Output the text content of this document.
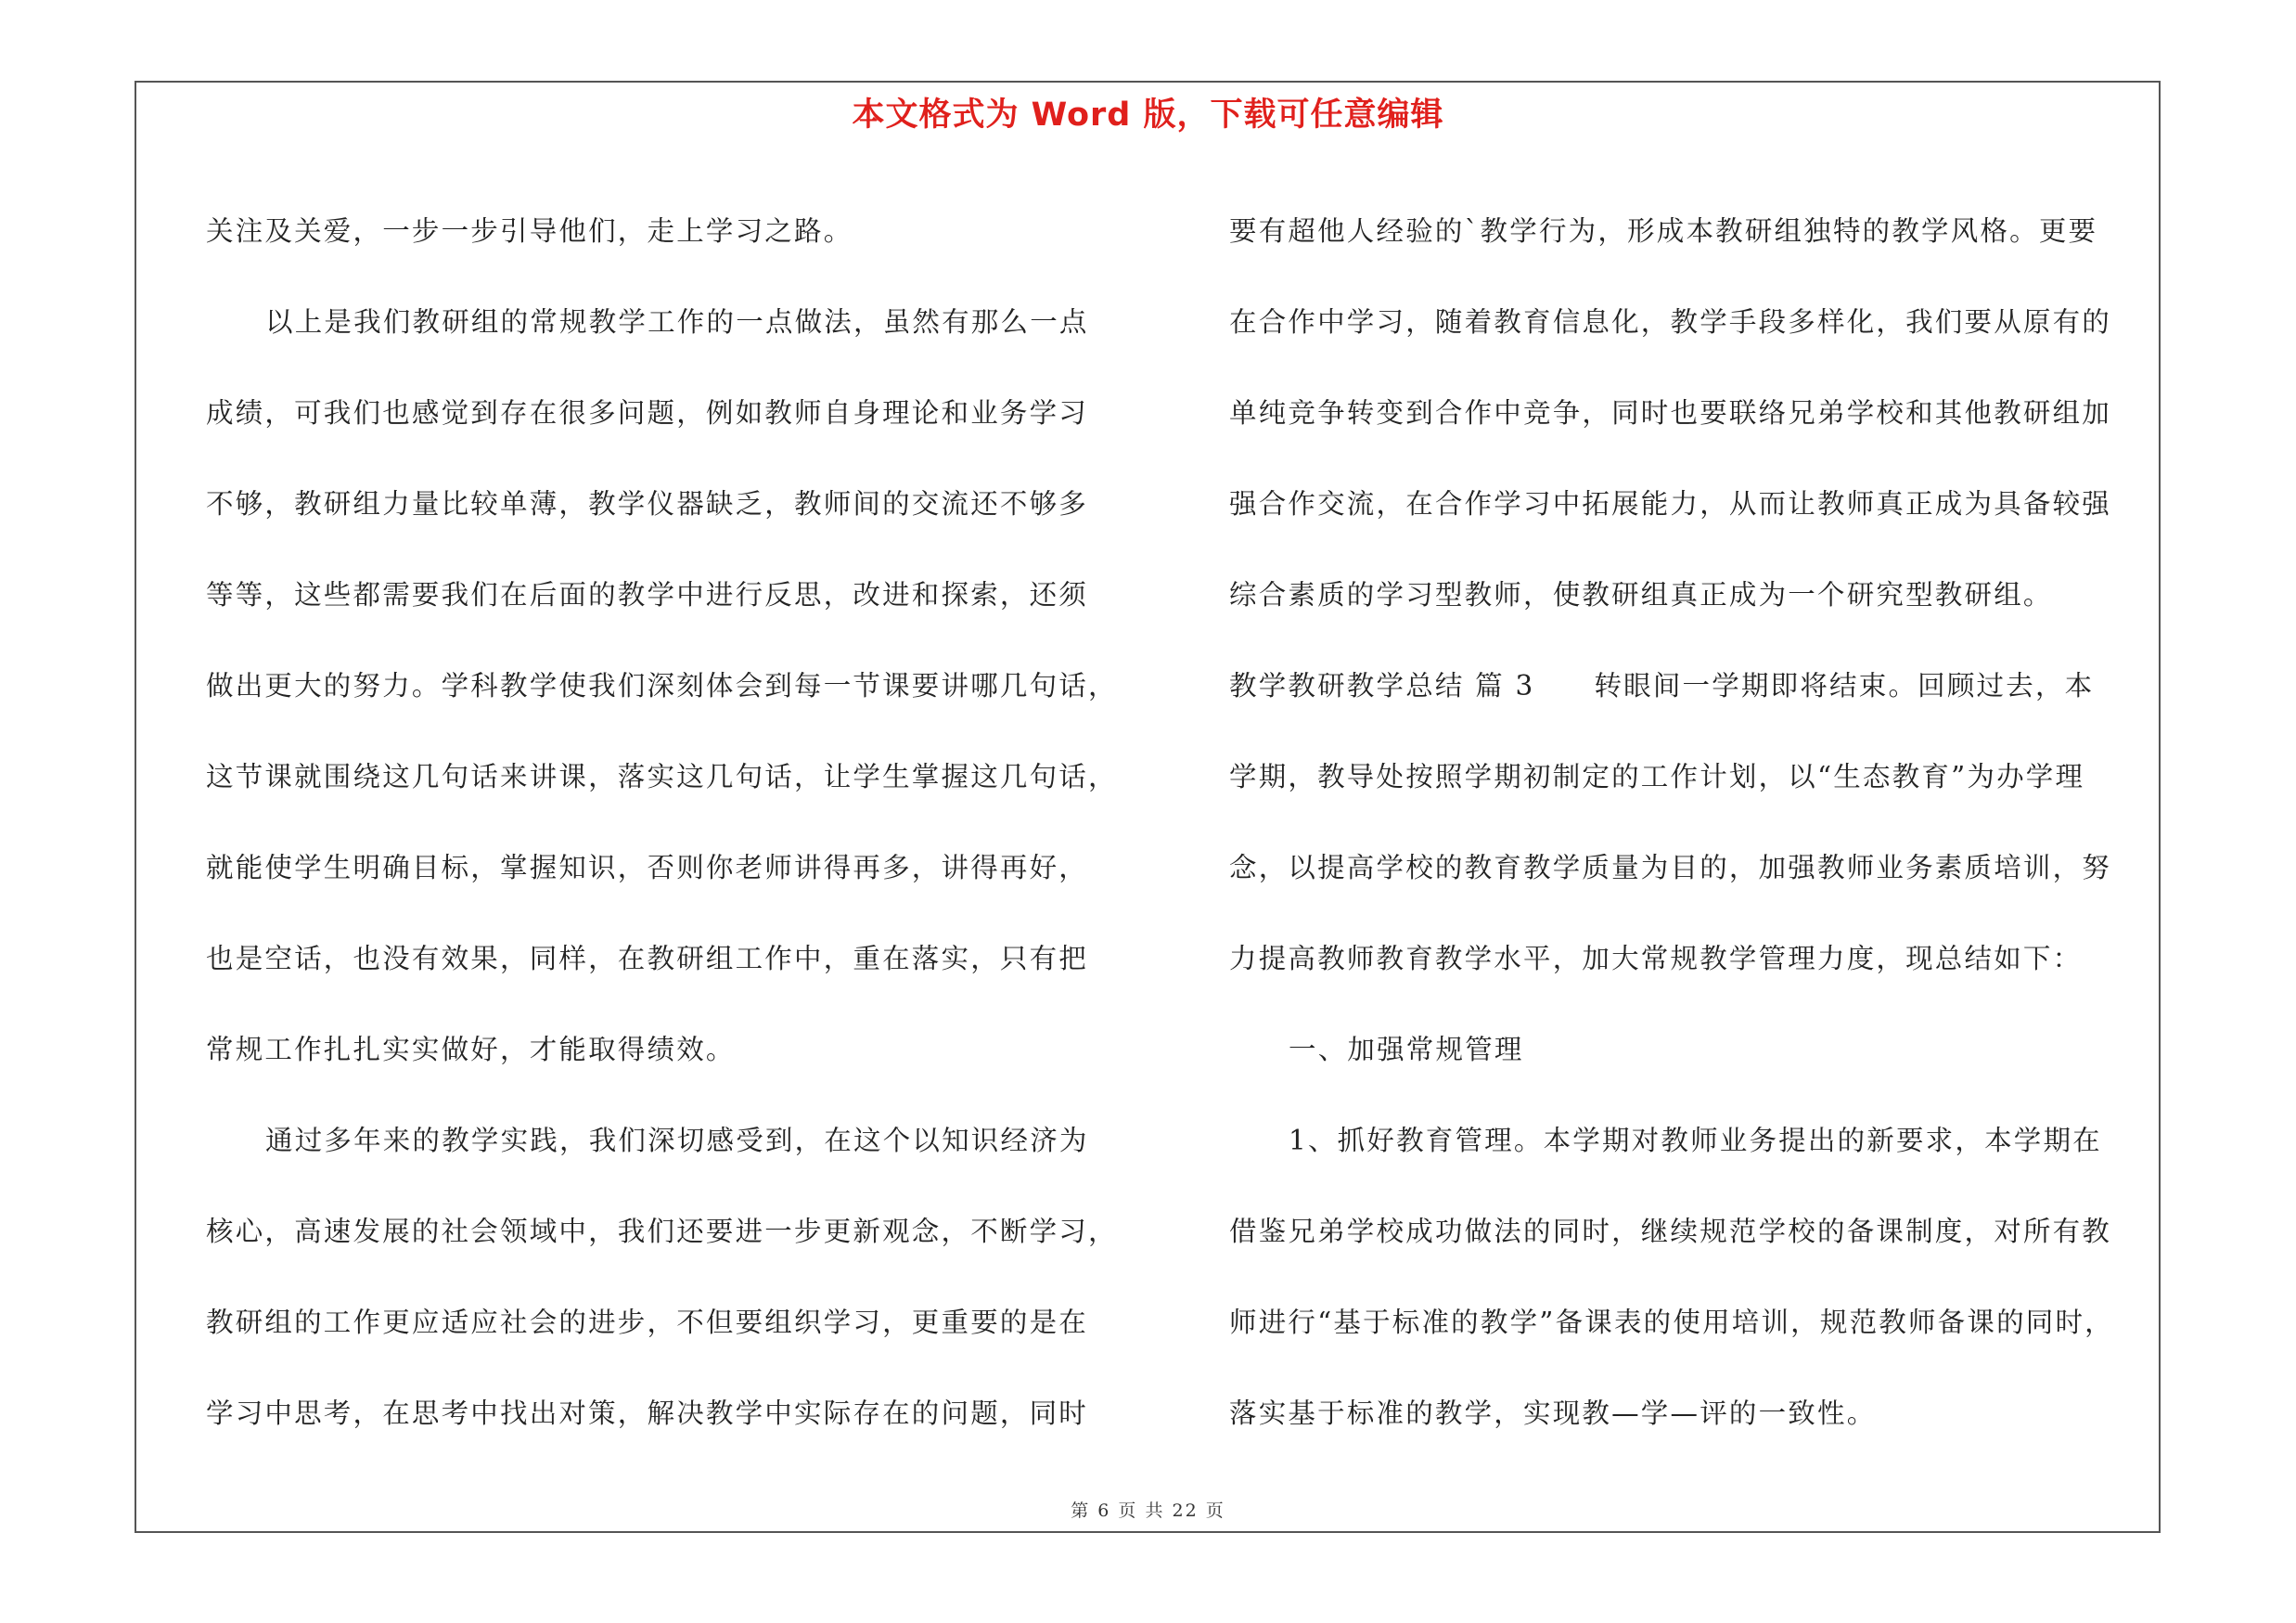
本文格式为 Word 版，下载可任意编辑
关注及关爱，一步一步引导他们，走上学习之路。
以上是我们教研组的常规教学工作的一点做法，虽然有那么一点
成绩，可我们也感觉到存在很多问题，例如教师自身理论和业务学习
不够，教研组力量比较单薄，教学仪器缺乏，教师间的交流还不够多
等等，这些都需要我们在后面的教学中进行反思，改进和探索，还须
做出更大的努力。学科教学使我们深刻体会到每一节课要讲哪几句话，
这节课就围绕这几句话来讲课，落实这几句话，让学生掌握这几句话，
就能使学生明确目标，掌握知识，否则你老师讲得再多，讲得再好，
也是空话，也没有效果，同样，在教研组工作中，重在落实，只有把
常规工作扎扎实实做好，才能取得绩效。
通过多年来的教学实践，我们深切感受到，在这个以知识经济为
核心，高速发展的社会领域中，我们还要进一步更新观念，不断学习，
教研组的工作更应适应社会的进步，不但要组织学习，更重要的是在
学习中思考，在思考中找出对策，解决教学中实际存在的问题，同时
要有超他人经验的`教学行为，形成本教研组独特的教学风格。更要
在合作中学习，随着教育信息化，教学手段多样化，我们要从原有的
单纯竞争转变到合作中竞争，同时也要联络兄弟学校和其他教研组加
强合作交流，在合作学习中拓展能力，从而让教师真正成为具备较强
综合素质的学习型教师，使教研组真正成为一个研究型教研组。
教学教研教学总结 篇 3 转眼间一学期即将结束。回顾过去，本
学期，教导处按照学期初制定的工作计划，以“生态教育”为办学理
念，以提高学校的教育教学质量为目的，加强教师业务素质培训，努
力提高教师教育教学水平，加大常规教学管理力度，现总结如下：
一、加强常规管理
1、抓好教育管理。本学期对教师业务提出的新要求，本学期在
借鉴兄弟学校成功做法的同时，继续规范学校的备课制度，对所有教
师进行“基于标准的教学”备课表的使用培训，规范教师备课的同时，
落实基于标准的教学，实现教—学—评的一致性。
第 6 页 共 22 页
